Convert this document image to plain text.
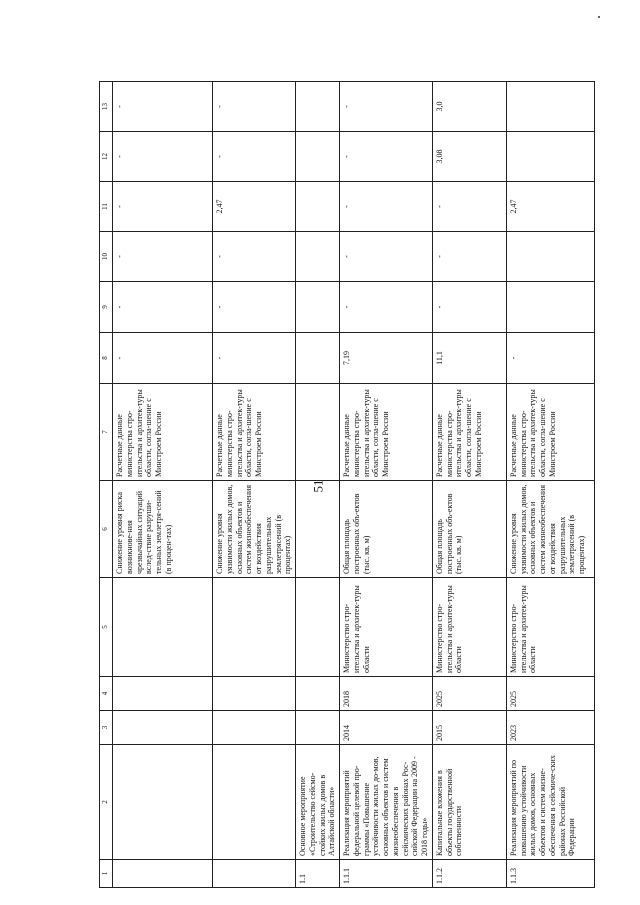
51
1	2	3	4	5	6	7	8	9	10	11	12	13
					Снижение уровня риска возникнове-ния чрезвычайных ситуаций вслед-ствие разруши-тельных землетря-сений (в процен-тах)	Расчетные данные министерства стро-ительства и архитек-туры области, согла-шение с Минстроем России	-	-	-	-	-	-
					Снижение уровня уязвимости жилых домов, основных объектов и систем жизнеобеспечения от воздействия разрушительных землетрясений (в процентах)	Расчетные данные министерства стро-ительства и архитек-туры области, согла-шение с Минстроем России	-	-	-	2,47	-	-
1.1	Основное мероприятие «Строительство сейсмо-стойких жилых домов в Алтайской области»											
1.1.1	Реализация мероприятий федеральной целевой про-граммы «Повышение устойчивости жилых до-мов, основных объектов и систем жизнеобеспечения в сейсмических районах Рос-сийской Федерации на 2009 - 2018 годы»	2014	2018	Министерство стро-ительства и архитек-туры области	Общая площадь построенных объ-ектов (тыс. кв. м)	Расчетные данные министерства стро-ительства и архитек-туры области, согла-шение с Минстроем России	7,19	-	-	-	-	-
1.1.2	Капитальные вложения в объекты государственной собственности	2015	2025	Министерство стро-ительства и архитек-туры области	Общая площадь построенных объ-ектов (тыс. кв. м)	Расчетные данные министерства стро-ительства и архитек-туры области, согла-шение с Минстроем России	11,1	-	-	-	3,08	3,0
1.1.3	Реализация мероприятий по повышению устойчивости жилых домов, основных объектов и систем жизне-обеспечения в сейсмиче-ских районах Российской Федерации	2023	2025	Министерство стро-ительства и архитек-туры области	Снижение уровня уязвимости жилых домов, основных объектов и систем жизнеобеспечения от воздействия разрушительных землетрясений (в процентах)	Расчетные данные министерства стро-ительства и архитек-туры области, согла-шение с Минстроем России	-			2,47		
